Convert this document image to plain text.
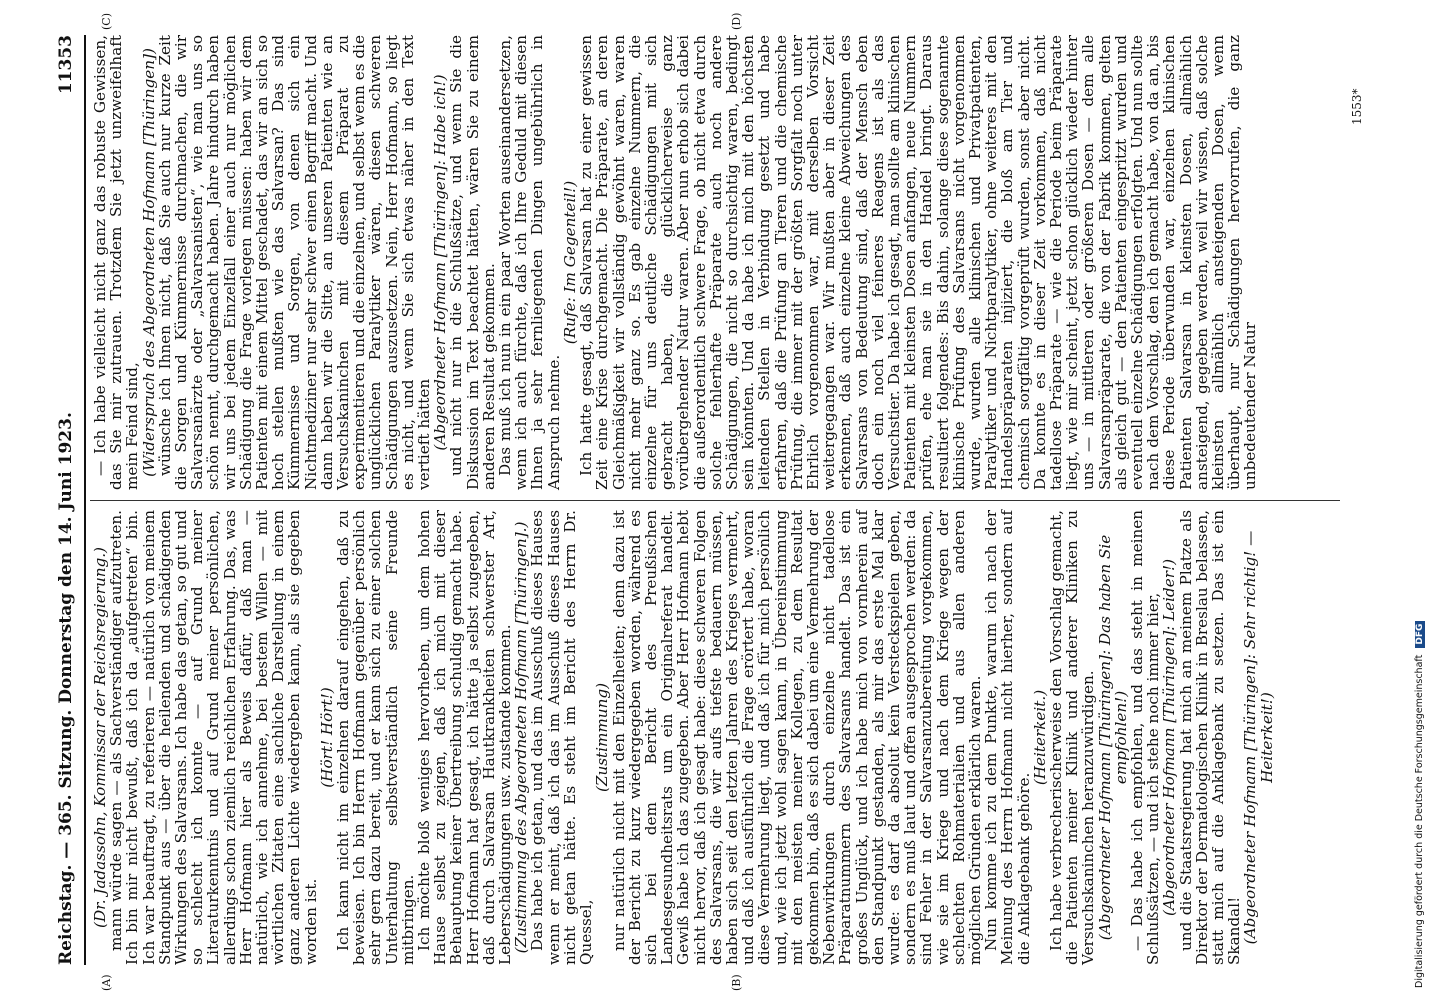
Reichstag. — 365. Sitzung. Donnerstag den 14. Juni 1923.
11353
(A)	(B)
(C)	(D)

(Dr. Jadassohn, Kommissar der Reichsregierung.)

mann würde sagen — als Sachverständiger aufzutreten. Ich bin mir nicht bewußt, daß ich da „aufgetreten“ bin. Ich war beauftragt, zu referieren — natürlich von meinem Standpunkt aus — über die heilenden und schädigenden Wirkungen des Salvarsans. Ich habe das getan, so gut und so schlecht ich konnte — auf Grund meiner Literaturkenntnis und auf Grund meiner persönlichen, allerdings schon ziemlich reichlichen Erfahrung. Das, was Herr Hofmann hier als Beweis dafür, daß man — natürlich, wie ich annehme, bei bestem Willen — mit wörtlichen Zitaten eine sachliche Darstellung in einem ganz anderen Lichte wiedergeben kann, als sie gegeben worden ist.

(Hört! Hört!)

Ich kann nicht im einzelnen darauf eingehen, daß zu beweisen. Ich bin Herrn Hofmann gegenüber persönlich sehr gern dazu bereit, und er kann sich zu einer solchen Unterhaltung selbstverständlich seine Freunde mitbringen.

Ich möchte bloß weniges hervorheben, um dem hohen Hause selbst zu zeigen, daß ich mich mit dieser Behauptung keiner Übertreibung schuldig gemacht habe. Herr Hofmann hat gesagt, ich hätte ja selbst zugegeben, daß durch Salvarsan Hautkrankheiten schwerster Art, Leberschädigungen usw. zustande kommen.

(Zustimmung des Abgeordneten Hofmann [Thüringen].)

Das habe ich getan, und das im Ausschuß dieses Hauses wenn er meint, daß ich das im Ausschuß dieses Hauses nicht getan hätte. Es steht im Bericht des Herrn Dr. Quessel,

(Zustimmung)

nur natürlich nicht mit den Einzelheiten; denn dazu ist der Bericht zu kurz wiedergegeben worden, während es sich bei dem Bericht des Preußischen Landesgesundheitsrats um ein Originalreferat handelt. Gewiß habe ich das zugegeben. Aber Herr Hofmann hebt nicht hervor, daß ich gesagt habe: diese schweren Folgen des Salvarsans, die wir aufs tiefste bedauern müssen, haben sich seit den letzten Jahren des Krieges vermehrt, und daß ich ausführlich die Frage erörtert habe, woran diese Vermehrung liegt, und daß ich für mich persönlich und, wie ich jetzt wohl sagen kann, in Übereinstimmung mit den meisten meiner Kollegen, zu dem Resultat gekommen bin, daß es sich dabei um eine Vermehrung der Nebenwirkungen durch einzelne nicht tadellose Präparatnummern des Salvarsans handelt. Das ist ein großes Unglück, und ich habe mich von vornherein auf den Standpunkt gestanden, als mir das erste Mal klar wurde: es darf da absolut kein Versteckspielen geben, sondern es muß laut und offen ausgesprochen werden: da sind Fehler in der Salvarsanzubereitung vorgekommen, wie sie im Kriege und nach dem Kriege wegen der schlechten Rohmaterialien und aus allen anderen möglichen Gründen erklärlich waren.

Nun komme ich zu dem Punkte, warum ich nach der Meinung des Herrn Hofmann nicht hierher, sondern auf die Anklagebank gehöre.

(Heiterkeit.)

Ich habe verbrecherischerweise den Vorschlag gemacht, die Patienten meiner Klinik und anderer Kliniken zu Versuchskaninchen heranzuwürdigen.

(Abgeordneter Hofmann [Thüringen]: Das haben Sie empfohlen!)

— Das habe ich empfohlen, und das steht in meinen Schlußsätzen, — und ich stehe noch immer hier,

(Abgeordneter Hofmann [Thüringen]: Leider!)

und die Staatsregierung hat mich an meinem Platze als Direktor der Dermatologischen Klinik in Breslau belassen, statt mich auf die Anklagebank zu setzen. Das ist ein Skandal!

(Abgeordneter Hofmann [Thüringen]: Sehr richtig! — Heiterkeit!)

— Ich habe vielleicht nicht ganz das robuste Gewissen, das Sie mir zutrauen. Trotzdem Sie jetzt unzweifelhaft mein Feind sind,

(Widerspruch des Abgeordneten Hofmann [Thüringen])

wünsche ich Ihnen nicht, daß Sie auch nur kurze Zeit die Sorgen und Kümmernisse durchmachen, die wir Salvarsanärzte oder „Salvarsanisten“, wie man uns so schön nennt, durchgemacht haben. Jahre hindurch haben wir uns bei jedem Einzelfall einer auch nur möglichen Schädigung die Frage vorlegen müssen: haben wir dem Patienten mit einem Mittel geschadet, das wir an sich so hoch stellen mußten wie das Salvarsan? Das sind Kümmernisse und Sorgen, von denen sich ein Nichtmediziner nur sehr schwer einen Begriff macht. Und dann haben wir die Sitte, an unseren Patienten wie an Versuchskaninchen mit diesem Präparat zu experimentieren und die einzelnen, und selbst wenn es die unglücklichen Paralytiker wären, diesen schweren Schädigungen auszusetzen. Nein, Herr Hofmann, so liegt es nicht, und wenn Sie sich etwas näher in den Text vertieft hätten

(Abgeordneter Hofmann [Thüringen]: Habe ich!)

und nicht nur in die Schlußsätze, und wenn Sie die Diskussion im Text beachtet hätten, wären Sie zu einem anderen Resultat gekommen.

Das muß ich nun in ein paar Worten auseinandersetzen, wenn ich auch fürchte, daß ich Ihre Geduld mit diesen Ihnen ja sehr fernliegenden Dingen ungebührlich in Anspruch nehme.

(Rufe: Im Gegenteil!)

Ich hatte gesagt, daß Salvarsan hat zu einer gewissen Zeit eine Krise durchgemacht. Die Präparate, an deren Gleichmäßigkeit wir vollständig gewöhnt waren, waren nicht mehr ganz so. Es gab einzelne Nummern, die einzelne für uns deutliche Schädigungen mit sich gebracht haben, die glücklicherweise ganz vorübergehender Natur waren. Aber nun erhob sich dabei die außerordentlich schwere Frage, ob nicht etwa durch solche fehlerhafte Präparate auch noch andere Schädigungen, die nicht so durchsichtig waren, bedingt sein könnten. Und da habe ich mich mit den höchsten leitenden Stellen in Verbindung gesetzt und habe erfahren, daß die Prüfung an Tieren und die chemische Prüfung, die immer mit der größten Sorgfalt noch unter Ehrlich vorgenommen war, mit derselben Vorsicht weitergegangen war. Wir mußten aber in dieser Zeit erkennen, daß auch einzelne kleine Abweichungen des Salvarsans von Bedeutung sind, daß der Mensch eben doch ein noch viel feineres Reagens ist als das Versuchstier. Da habe ich gesagt, man sollte am klinischen Patienten mit kleinsten Dosen anfangen, neue Nummern prüfen, ehe man sie in den Handel bringt. Daraus resultiert folgendes: Bis dahin, solange diese sogenannte klinische Prüfung des Salvarsans nicht vorgenommen wurde, wurden alle klinischen und Privatpatienten, Paralytiker und Nichtparalytiker, ohne weiteres mit den Handelspräparaten injiziert, die bloß am Tier und chemisch sorgfältig vorgeprüft wurden, sonst aber nicht. Da konnte es in dieser Zeit vorkommen, daß nicht tadellose Präparate — wie die Periode beim Präparate liegt, wie mir scheint, jetzt schon glücklich wieder hinter uns — in mittleren oder größeren Dosen — dem alle Salvarsanpräparate, die von der Fabrik kommen, gelten als gleich gut — den Patienten eingespritzt wurden und eventuell einzelne Schädigungen erfolgten. Und nun sollte nach dem Vorschlag, den ich gemacht habe, von da an, bis diese Periode überwunden war, einzelnen klinischen Patienten Salvarsan in kleinsten Dosen, allmählich ansteigend, gegeben werden, weil wir wissen, daß solche kleinsten allmählich ansteigenden Dosen, wenn überhaupt, nur Schädigungen hervorrufen, die ganz unbedeutender Natur

1553*
Digitalisierung gefördert durch die Deutsche Forschungsgemeinschaft DFG
